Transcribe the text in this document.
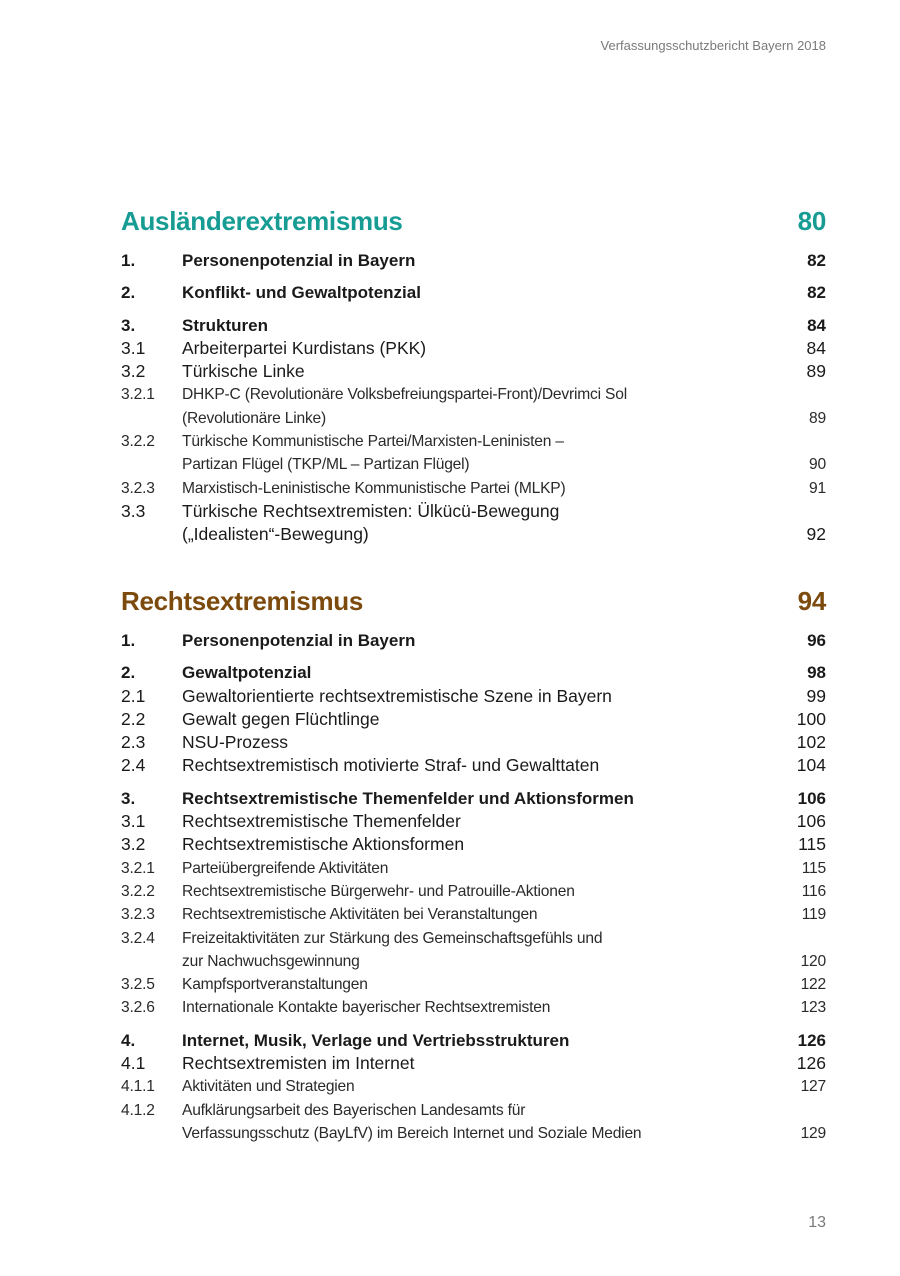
Verfassungsschutzbericht Bayern 2018
Ausländerextremismus	80
1.	Personenpotenzial in Bayern	82
2.	Konflikt- und Gewaltpotenzial	82
3.	Strukturen	84
3.1	Arbeiterpartei Kurdistans (PKK)	84
3.2	Türkische Linke	89
3.2.1	DHKP-C (Revolutionäre Volksbefreiungspartei-Front)/Devrimci Sol
(Revolutionäre Linke)	89
3.2.2	Türkische Kommunistische Partei/Marxisten-Leninisten –
Partizan Flügel (TKP/ML – Partizan Flügel)	90
3.2.3	Marxistisch-Leninistische Kommunistische Partei (MLKP)	91
3.3	Türkische Rechtsextremisten: Ülkücü-Bewegung
(„Idealisten“-Bewegung)	92
Rechtsextremismus	94
1.	Personenpotenzial in Bayern	96
2.	Gewaltpotenzial	98
2.1	Gewaltorientierte rechtsextremistische Szene in Bayern	99
2.2	Gewalt gegen Flüchtlinge	100
2.3	NSU-Prozess	102
2.4	Rechtsextremistisch motivierte Straf- und Gewalttaten	104
3.	Rechtsextremistische Themenfelder und Aktionsformen	106
3.1	Rechtsextremistische Themenfelder	106
3.2	Rechtsextremistische Aktionsformen	115
3.2.1	Parteiübergreifende Aktivitäten	115
3.2.2	Rechtsextremistische Bürgerwehr- und Patrouille-Aktionen	116
3.2.3	Rechtsextremistische Aktivitäten bei Veranstaltungen	119
3.2.4	Freizeitaktivitäten zur Stärkung des Gemeinschaftsgefühls und
zur Nachwuchsgewinnung	120
3.2.5	Kampfsportveranstaltungen	122
3.2.6	Internationale Kontakte bayerischer Rechtsextremisten	123
4.	Internet, Musik, Verlage und Vertriebsstrukturen	126
4.1	Rechtsextremisten im Internet	126
4.1.1	Aktivitäten und Strategien	127
4.1.2	Aufklärungsarbeit des Bayerischen Landesamts für
Verfassungsschutz (BayLfV) im Bereich Internet und Soziale Medien	129
13
